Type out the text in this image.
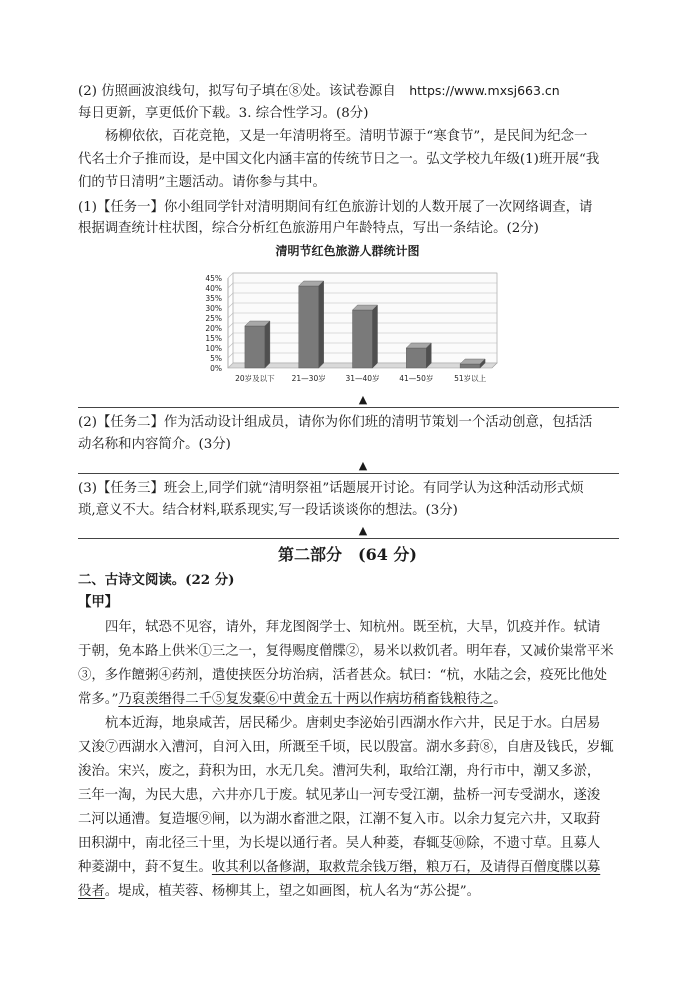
(2) 仿照画波浪线句，拟写句子填在⑧处。该试卷源自　 https://www.mxsj663.cn
每日更新，享更低价下载。3. 综合性学习。(8分)
杨柳依依，百花竞艳，又是一年清明将至。清明节源于“寒食节”，是民间为纪念一
代名士介子推而设，是中国文化内涵丰富的传统节日之一。弘文学校九年级(1)班开展“我
们的节日清明”主题活动。请你参与其中。
(1)【任务一】你小组同学针对清明期间有红色旅游计划的人数开展了一次网络调查，请
根据调查统计柱状图，综合分析红色旅游用户年龄特点，写出一条结论。(2分)
清明节红色旅游人群统计图
0%
5%
10%
15%
20%
25%
30%
35%
40%
45%
20岁及以下 21—30岁	31—40岁	41—50岁	51岁以上
▲
(2)【任务二】作为活动设计组成员，请你为你们班的清明节策划一个活动创意，包括活
动名称和内容简介。(3分)
▲
(3)【任务三】班会上,同学们就“清明祭祖”话题展开讨论。有同学认为这种活动形式烦
琐,意义不大。结合材料,联系现实,写一段话谈谈你的想法。(3分)
▲
第二部分　(64 分)
二、古诗文阅读。(22 分)
【甲】
四年，轼恐不见容，请外，拜龙图阁学士、知杭州。既至杭，大旱，饥疫并作。轼请
于朝，免本路上供米①三之一，复得赐度僧牒②，易米以救饥者。明年春，又减价粜常平米
③，多作饘粥④药剂，遣使挟医分坊治病，活者甚众。轼曰：“杭，水陆之会，疫死比他处
常多。”乃裒羡缗得二千⑤复发橐⑥中黄金五十两以作病坊稍畜钱粮待之。
杭本近海，地泉咸苦，居民稀少。唐刺史李泌始引西湖水作六井，民足于水。白居易
又浚⑦西湖水入漕河，自河入田，所溉至千顷，民以殷富。湖水多葑⑧，自唐及钱氏，岁辄
浚治。宋兴，废之，葑积为田，水无几矣。漕河失利，取给江潮，舟行市中，潮又多淤，
三年一淘，为民大患，六井亦几于废。轼见茅山一河专受江潮，盐桥一河专受湖水，遂浚
二河以通漕。复造堰⑨闸，以为湖水畜泄之限，江潮不复入市。以余力复完六井，又取葑
田积湖中，南北径三十里，为长堤以通行者。吴人种菱，春辄芟⑩除，不遗寸草。且募人
种菱湖中，葑不复生。收其利以备修湖，取救荒余钱万缗，粮万石，及请得百僧度牒以募
役者。堤成，植芙蓉、杨柳其上，望之如画图，杭人名为“苏公提”。
